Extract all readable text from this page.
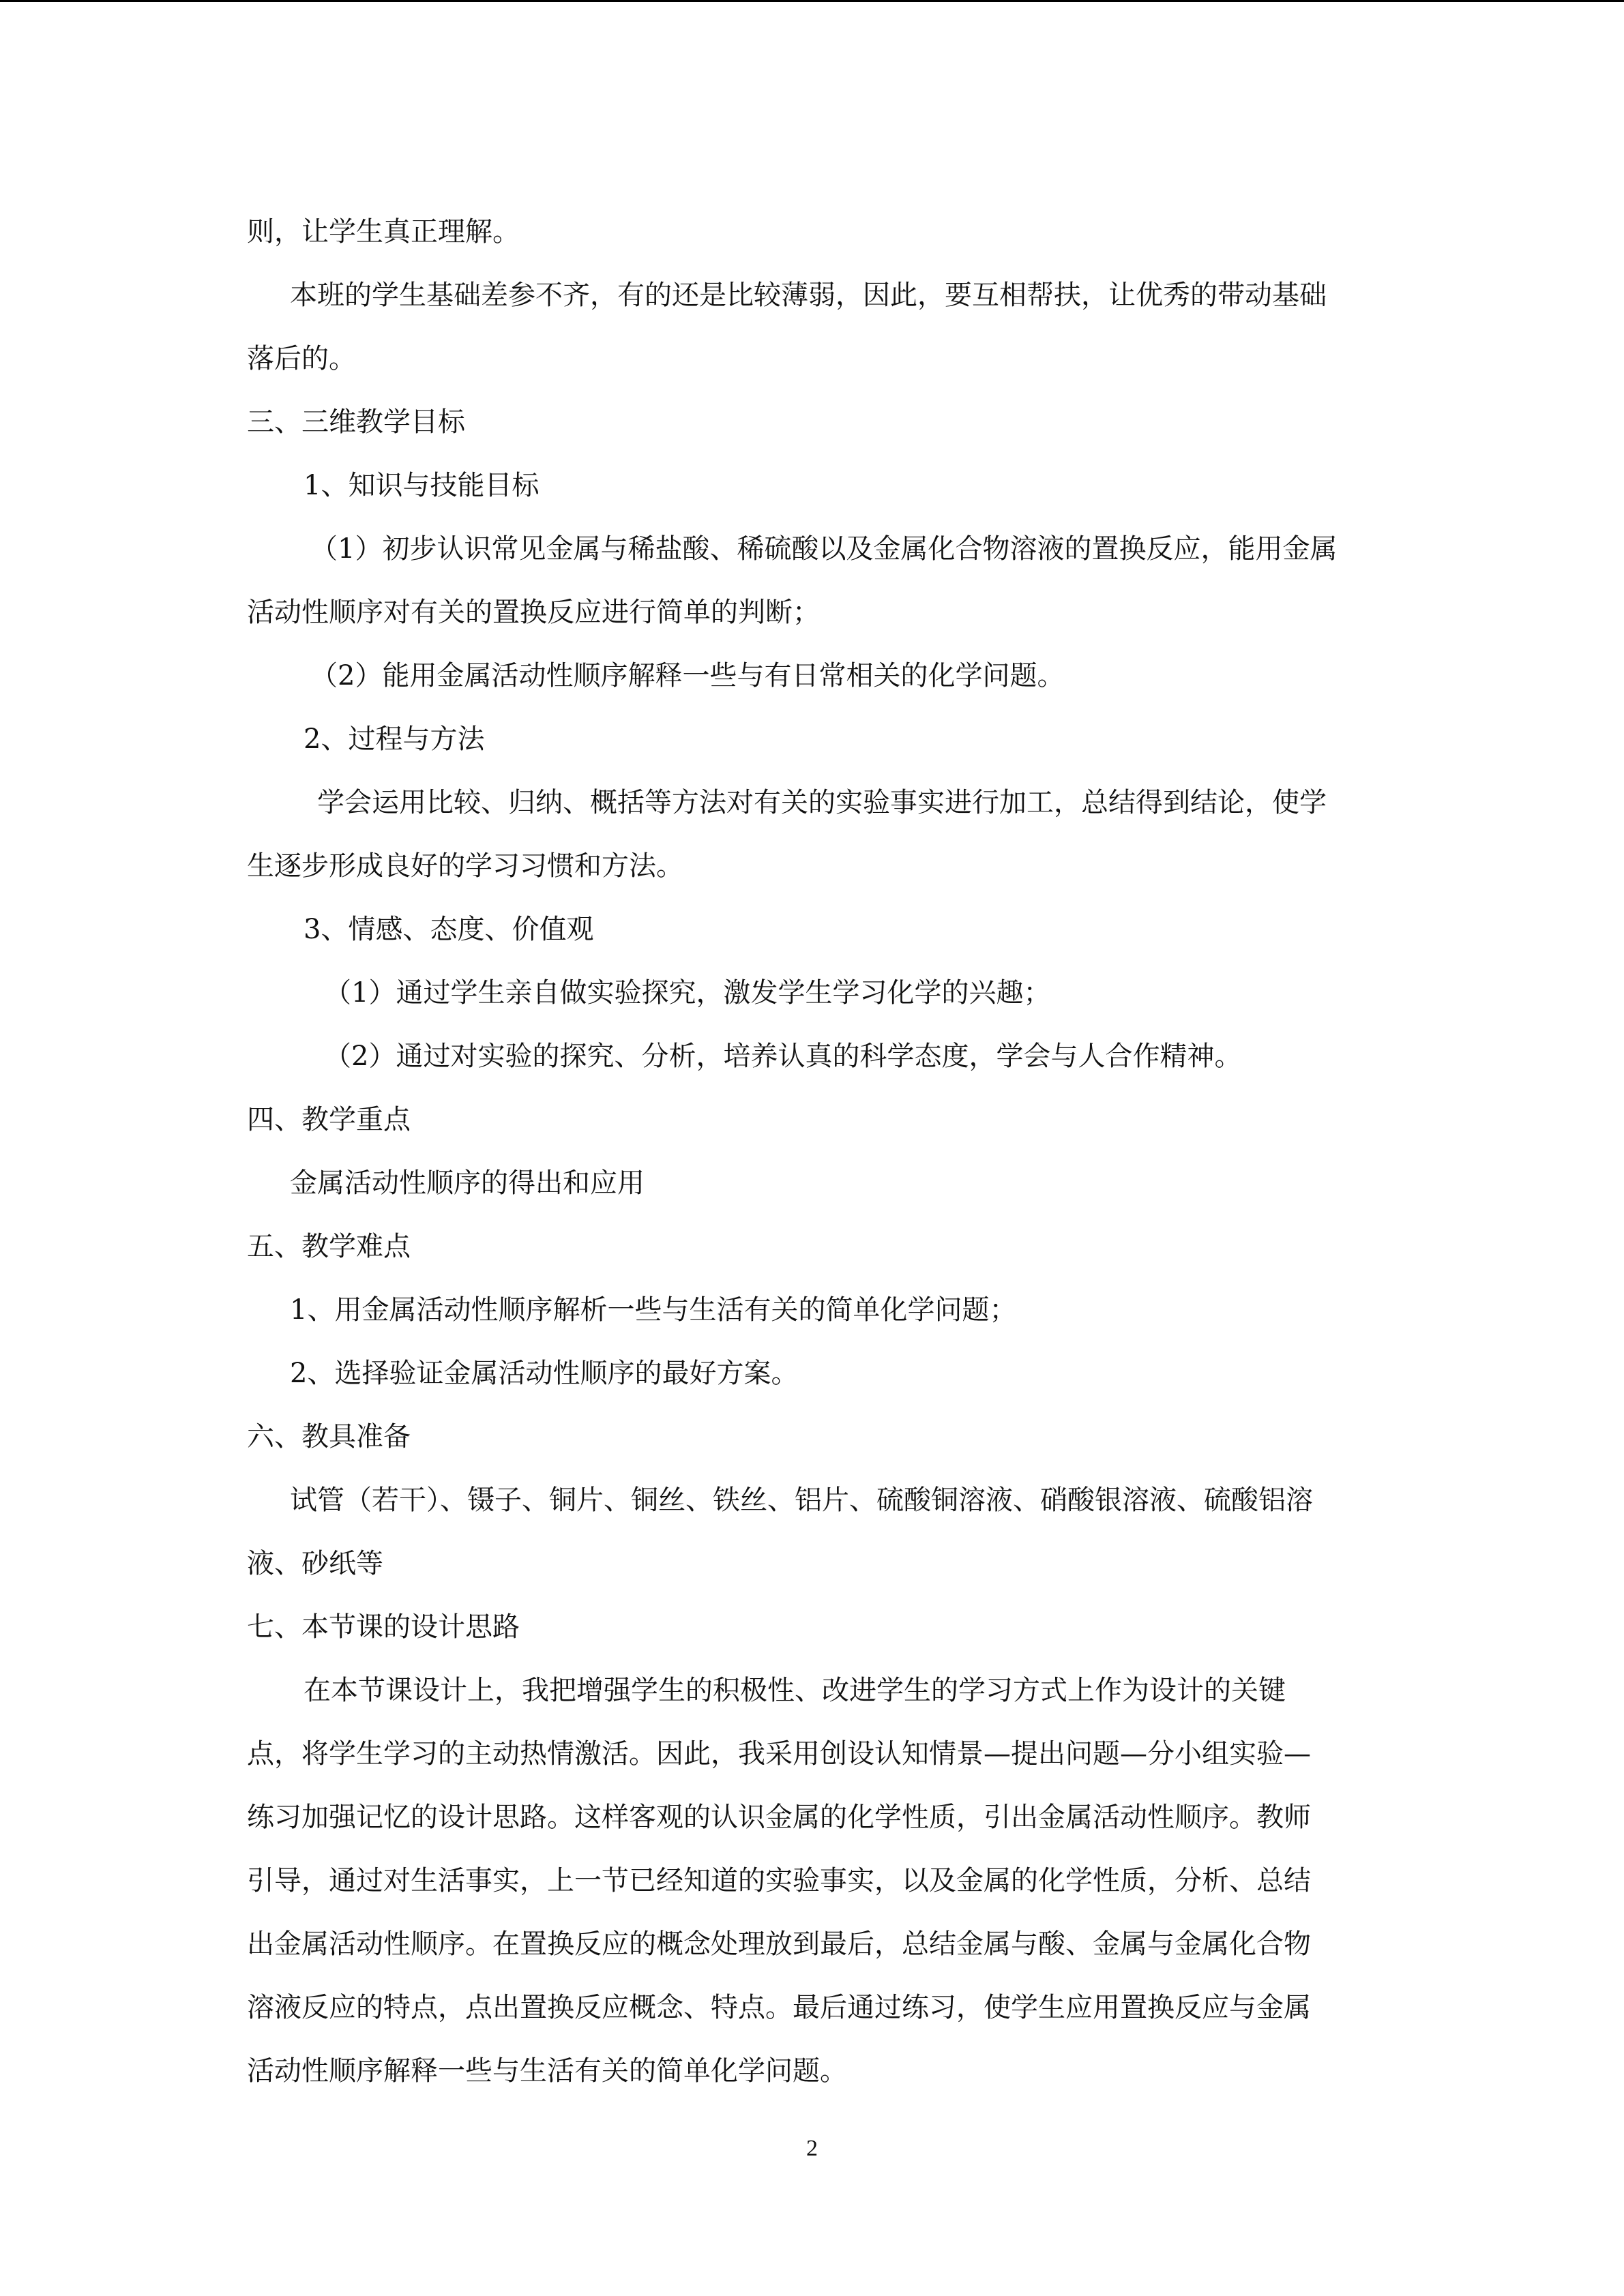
则，让学生真正理解。
本班的学生基础差参不齐，有的还是比较薄弱，因此，要互相帮扶，让优秀的带动基础
落后的。
三、三维教学目标
1、知识与技能目标
（1）初步认识常见金属与稀盐酸、稀硫酸以及金属化合物溶液的置换反应，能用金属
活动性顺序对有关的置换反应进行简单的判断；
（2）能用金属活动性顺序解释一些与有日常相关的化学问题。
2、过程与方法
学会运用比较、归纳、概括等方法对有关的实验事实进行加工，总结得到结论，使学
生逐步形成良好的学习习惯和方法。
3、情感、态度、价值观
（1）通过学生亲自做实验探究，激发学生学习化学的兴趣；
（2）通过对实验的探究、分析，培养认真的科学态度，学会与人合作精神。
四、教学重点
金属活动性顺序的得出和应用
五、教学难点
1、用金属活动性顺序解析一些与生活有关的简单化学问题；
2、选择验证金属活动性顺序的最好方案。
六、教具准备
试管（若干）、镊子、铜片、铜丝、铁丝、铝片、硫酸铜溶液、硝酸银溶液、硫酸铝溶
液、砂纸等
七、本节课的设计思路
在本节课设计上，我把增强学生的积极性、改进学生的学习方式上作为设计的关键
点，将学生学习的主动热情激活。因此，我采用创设认知情景—提出问题—分小组实验—
练习加强记忆的设计思路。这样客观的认识金属的化学性质，引出金属活动性顺序。教师
引导，通过对生活事实，上一节已经知道的实验事实，以及金属的化学性质，分析、总结
出金属活动性顺序。在置换反应的概念处理放到最后，总结金属与酸、金属与金属化合物
溶液反应的特点，点出置换反应概念、特点。最后通过练习，使学生应用置换反应与金属
活动性顺序解释一些与生活有关的简单化学问题。
2
